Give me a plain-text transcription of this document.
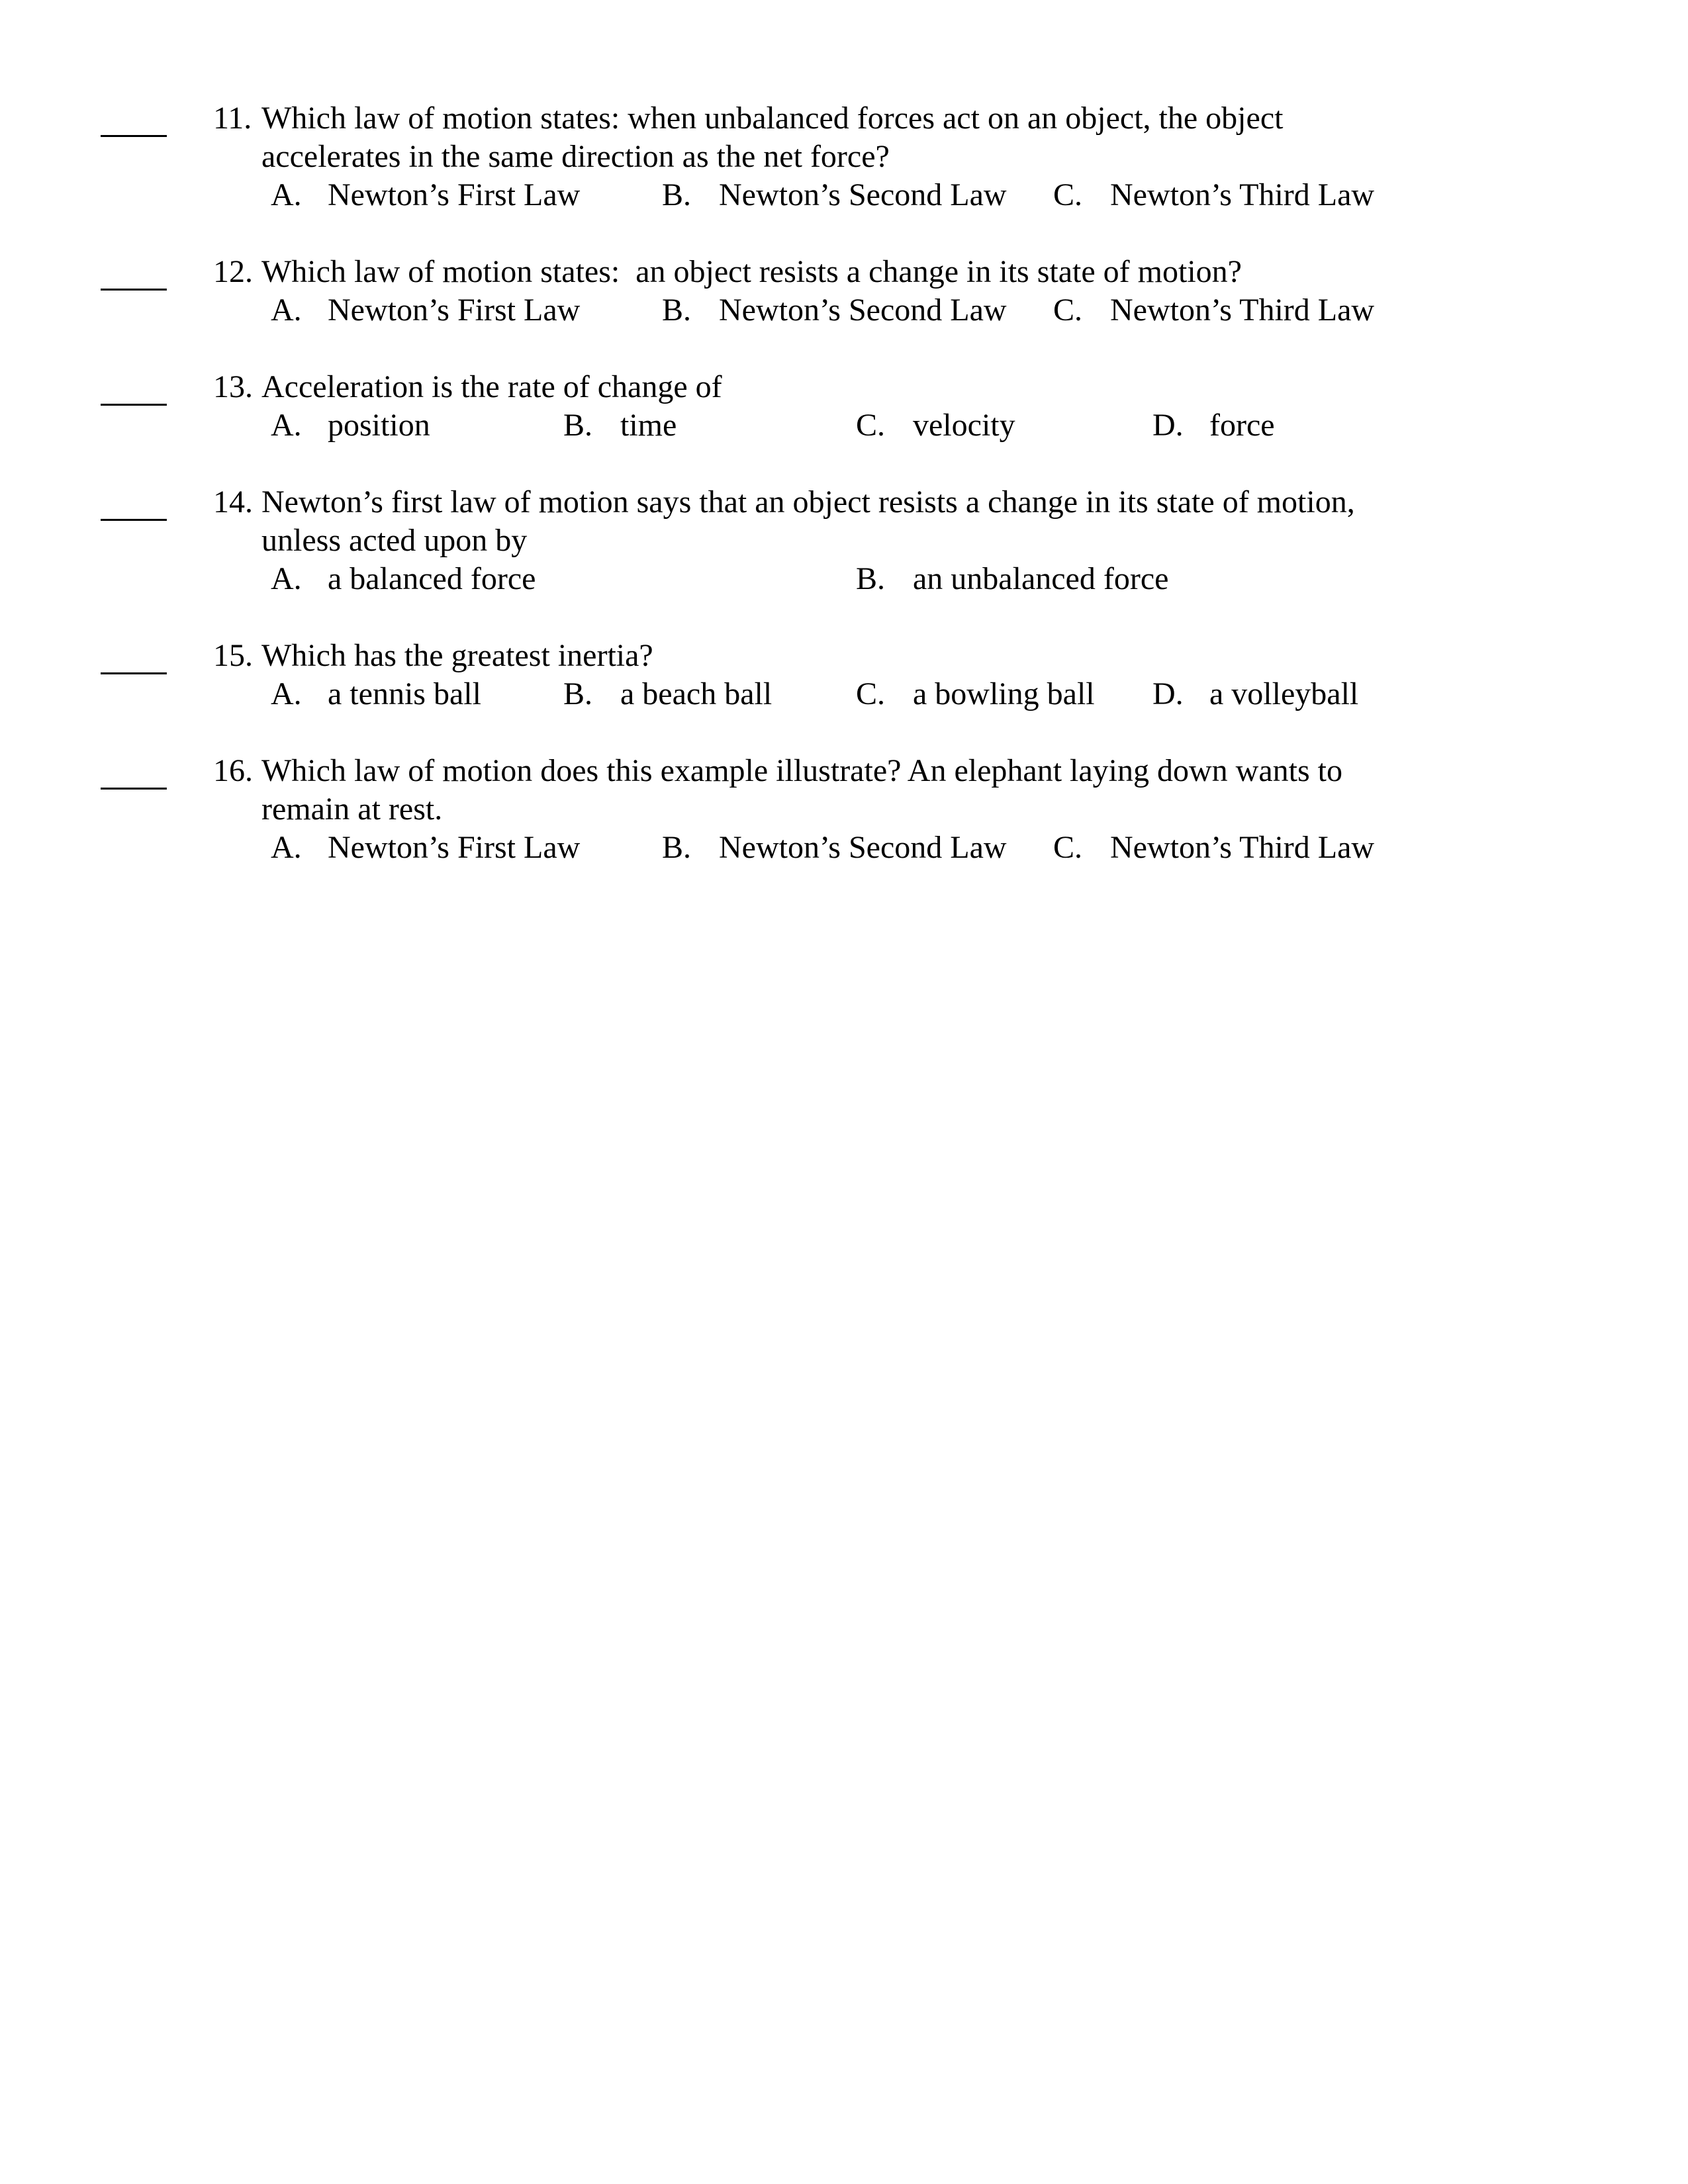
11. Which law of motion states: when unbalanced forces act on an object, the object
accelerates in the same direction as the net force?
A. Newton’s First Law	B. Newton’s Second Law C. Newton’s Third Law
12. Which law of motion states:  an object resists a change in its state of motion?
A. Newton’s First Law	B. Newton’s Second Law C. Newton’s Third Law
13. Acceleration is the rate of change of
A. position	B. time	C. velocity	D. force
14. Newton’s first law of motion says that an object resists a change in its state of motion,
unless acted upon by
A. a balanced force	B. an unbalanced force
15. Which has the greatest inertia?
A. a tennis ball	B. a beach ball	C. a bowling ball D. a volleyball
16. Which law of motion does this example illustrate? An elephant laying down wants to
remain at rest.
A. Newton’s First Law	B. Newton’s Second Law C. Newton’s Third Law
